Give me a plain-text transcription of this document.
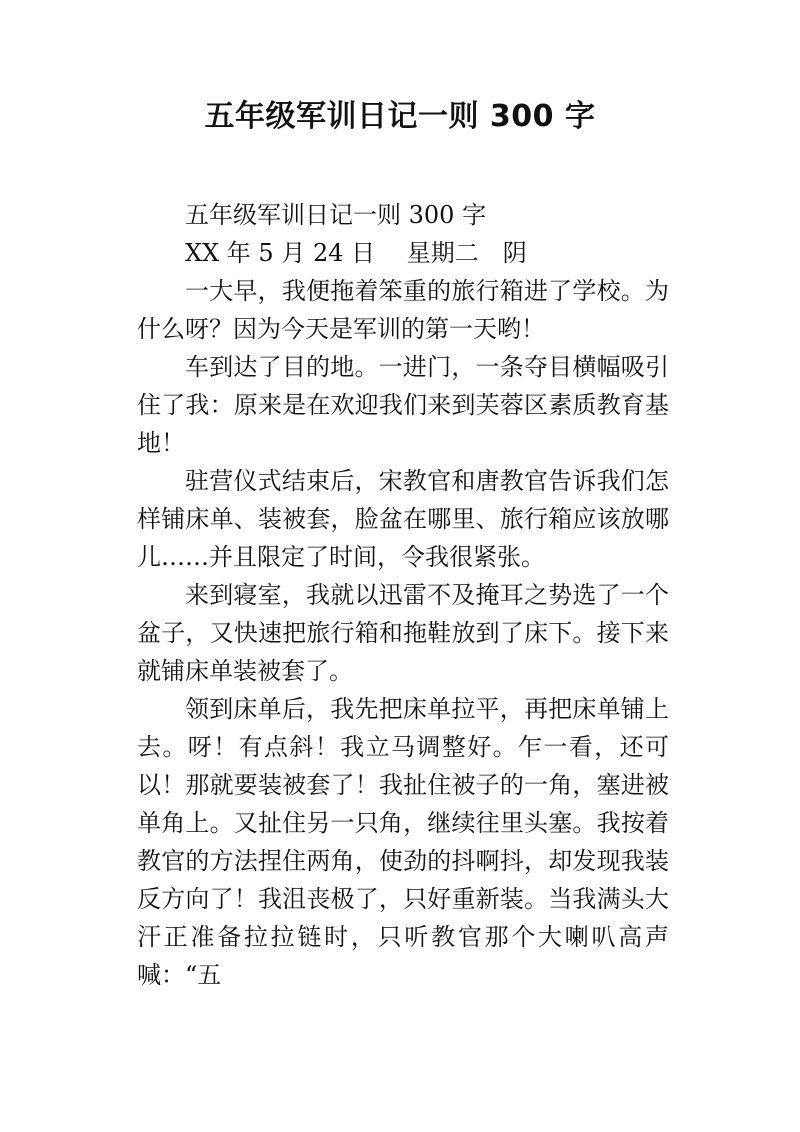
五年级军训日记一则 300 字

五年级军训日记一则 300 字

XX 年 5 月 24 日　 星期二　阴

一大早，我便拖着笨重的旅行箱进了学校。为什么呀？因为今天是军训的第一天哟！

车到达了目的地。一进门，一条夺目横幅吸引住了我：原来是在欢迎我们来到芙蓉区素质教育基地！

驻营仪式结束后，宋教官和唐教官告诉我们怎样铺床单、装被套，脸盆在哪里、旅行箱应该放哪儿……并且限定了时间，令我很紧张。

来到寝室，我就以迅雷不及掩耳之势选了一个盆子，又快速把旅行箱和拖鞋放到了床下。接下来就铺床单装被套了。

领到床单后，我先把床单拉平，再把床单铺上去。呀！有点斜！我立马调整好。乍一看，还可以！那就要装被套了！我扯住被子的一角，塞进被单角上。又扯住另一只角，继续往里头塞。我按着教官的方法捏住两角，使劲的抖啊抖，却发现我装反方向了！我沮丧极了，只好重新装。当我满头大汗正准备拉拉链时，只听教官那个大喇叭高声喊：“五
